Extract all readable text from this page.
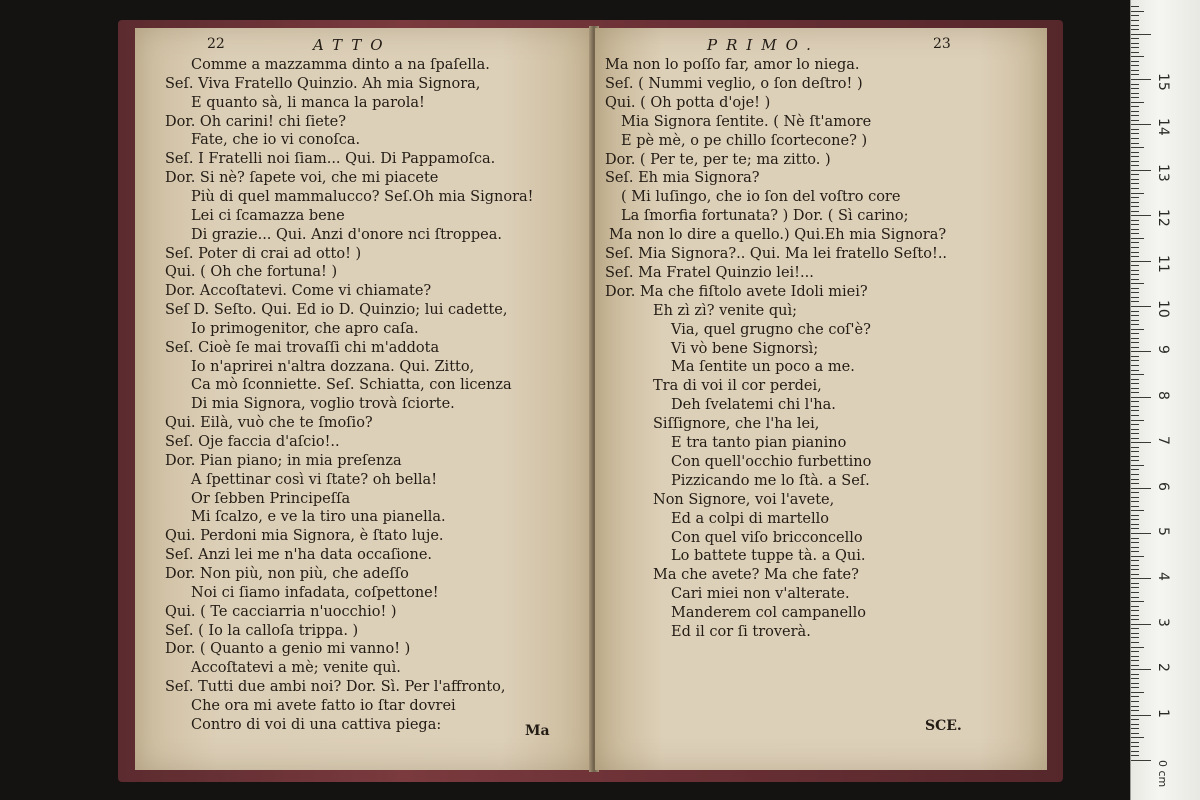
22	ATTO
Comme a mazzamma dinto a na ſpaſella.
Seſ. Viva Fratello Quinzio. Ah mia Signora,
E quanto sà, li manca la parola!
Dor. Oh carini! chi ſiete?
Fate, che io vi conoſca.
Seſ. I Fratelli noi ſiam... Qui. Di Pappamoſca.
Dor. Si nè? ſapete voi, che mi piacete
Più di quel mammalucco? Seſ.Oh mia Signora!
Lei ci ſcamazza bene
Di grazie... Qui. Anzi d'onore nci ſtroppea.
Seſ. Poter di crai ad otto! )
Qui. ( Oh che fortuna! )
Dor. Accoſtatevi. Come vi chiamate?
Seſ D. Seſto. Qui. Ed io D. Quinzio; lui cadette,
Io primogenitor, che apro caſa.
Seſ. Cioè ſe mai trovaſſi chi m'addota
Io n'aprirei n'altra dozzana. Qui. Zitto,
Ca mò ſconniette. Seſ. Schiatta, con licenza
Di mia Signora, voglio trovà ſciorte.
Qui. Eilà, vuò che te ſmoſio?
Seſ. Oje faccia d'aſcio!..
Dor. Pian piano; in mia preſenza
A ſpettinar così vi ſtate? oh bella!
Or ſebben Principeſſa
Mi ſcalzo, e ve la tiro una pianella.
Qui. Perdoni mia Signora, è ſtato luje.
Seſ. Anzi lei me n'ha data occaſione.
Dor. Non più, non più, che adeſſo
Noi ci ſiamo infadata, coſpettone!
Qui. ( Te cacciarria n'uocchio! )
Seſ. ( Io la calloſa trippa. )
Dor. ( Quanto a genio mi vanno! )
Accoſtatevi a mè; venite quì.
Seſ. Tutti due ambi noi? Dor. Sì. Per l'affronto,
Che ora mi avete fatto io ſtar dovrei
Contro di voi di una cattiva piega:	Ma
PRIMO.	23
Ma non lo poſſo far, amor lo niega.
Seſ. ( Nummi veglio, o ſon deſtro! )
Qui. ( Oh potta d'oje! )
Mia Signora ſentite. ( Nè ſt'amore
E pè mè, o pe chillo ſcortecone? )
Dor. ( Per te, per te; ma zitto. )
Seſ. Eh mia Signora?
( Mi luſingo, che io ſon del voſtro core
La ſmorfia fortunata? ) Dor. ( Sì carino;
Ma non lo dire a quello.) Qui.Eh mia Signora?
Seſ. Mia Signora?.. Qui. Ma lei fratello Seſto!..
Seſ. Ma Fratel Quinzio lei!...
Dor. Ma che fiſtolo avete Idoli miei?
Eh zì zì? venite quì;
Via, quel grugno che coſ'è?
Vi vò bene Signorsì;
Ma ſentite un poco a me.
Tra di voi il cor perdei,
Deh ſvelatemi chi l'ha.
Siſſignore, che l'ha lei,
E tra tanto pian pianino
Con quell'occhio furbettino
Pizzicando me lo ſtà. a Seſ.
Non Signore, voi l'avete,
Ed a colpi di martello
Con quel viſo bricconcello
Lo battete tuppe tà. a Qui.
Ma che avete? Ma che fate?
Cari miei non v'alterate.
Manderem col campanello
Ed il cor ſi troverà.
SCE.
0 cm
1
2
3
4
5
6
7
8
9
10
11
12
13
14
15
